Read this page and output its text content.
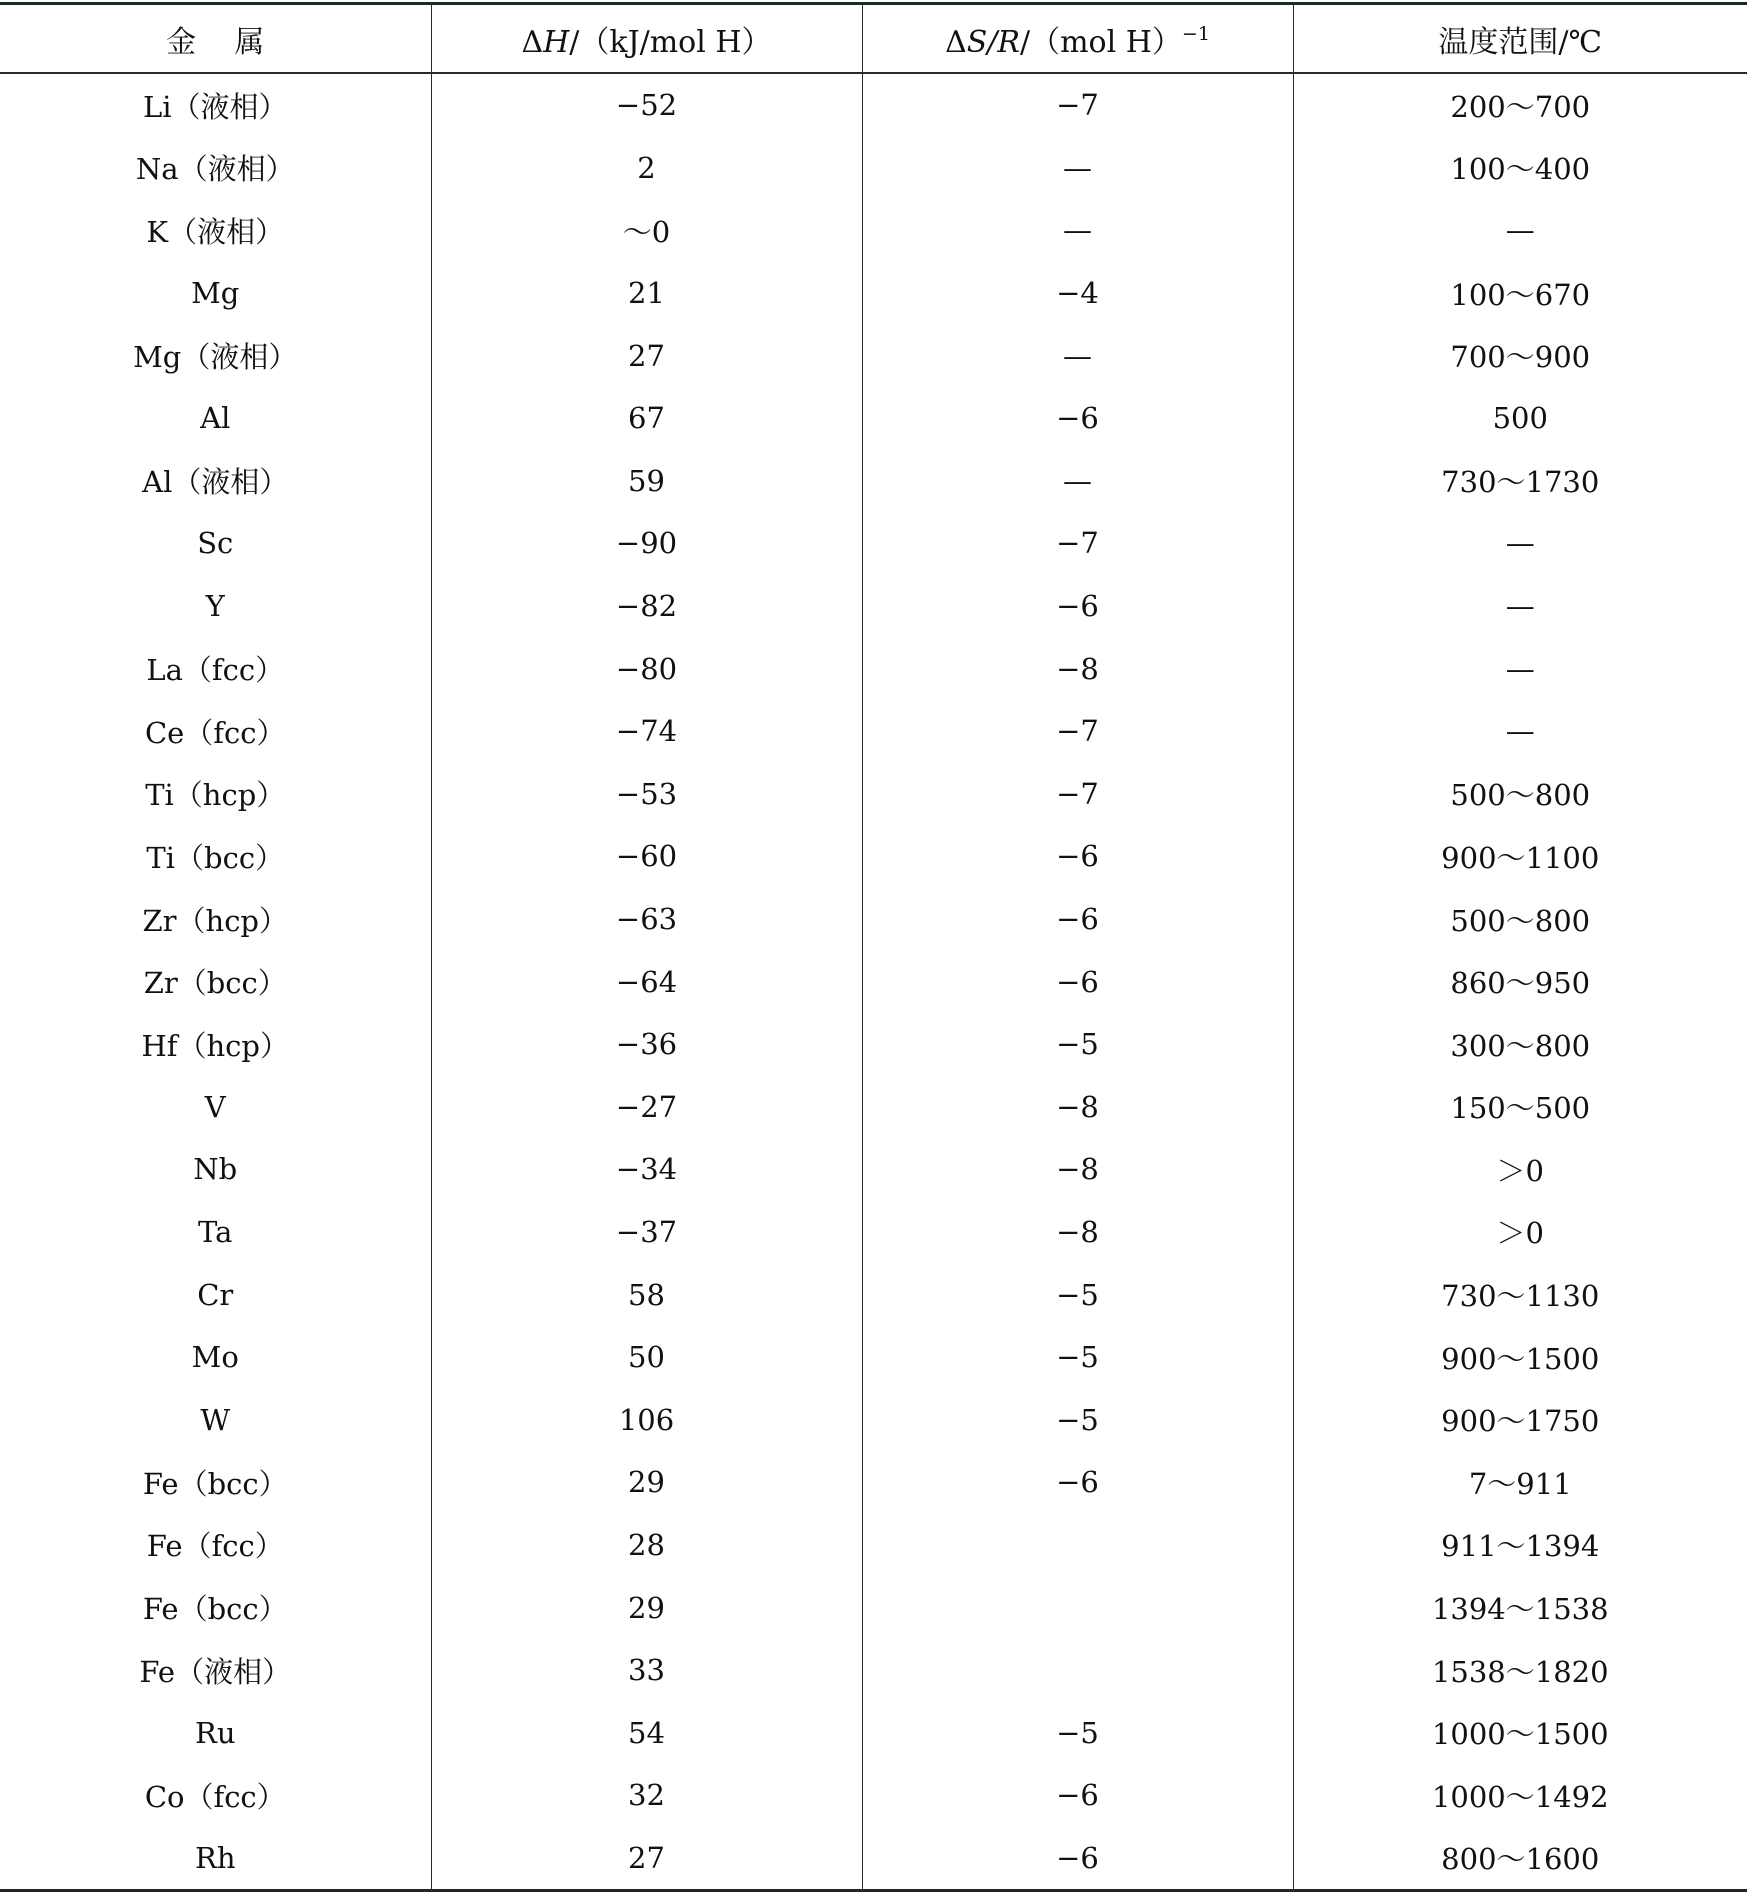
金    属	ΔH/（kJ/mol H）	ΔS/R/（mol H）$^{-1}$	温度范围/℃
Li（液相）	−52	−7	200～700
Na（液相）	2	—	100～400
K（液相）	～0	—	—
Mg	21	−4	100～670
Mg（液相）	27	—	700～900
Al	67	−6	500
Al（液相）	59	—	730～1730
Sc	−90	−7	—
Y	−82	−6	—
La（fcc）	−80	−8	—
Ce（fcc）	−74	−7	—
Ti（hcp）	−53	−7	500～800
Ti（bcc）	−60	−6	900～1100
Zr（hcp）	−63	−6	500～800
Zr（bcc）	−64	−6	860～950
Hf（hcp）	−36	−5	300～800
V	−27	−8	150～500
Nb	−34	−8	＞0
Ta	−37	−8	＞0
Cr	58	−5	730～1130
Mo	50	−5	900～1500
W	106	−5	900～1750
Fe（bcc）	29	−6	7～911
Fe（fcc）	28		911～1394
Fe（bcc）	29		1394～1538
Fe（液相）	33		1538～1820
Ru	54	−5	1000～1500
Co（fcc）	32	−6	1000～1492
Rh	27	−6	800～1600
